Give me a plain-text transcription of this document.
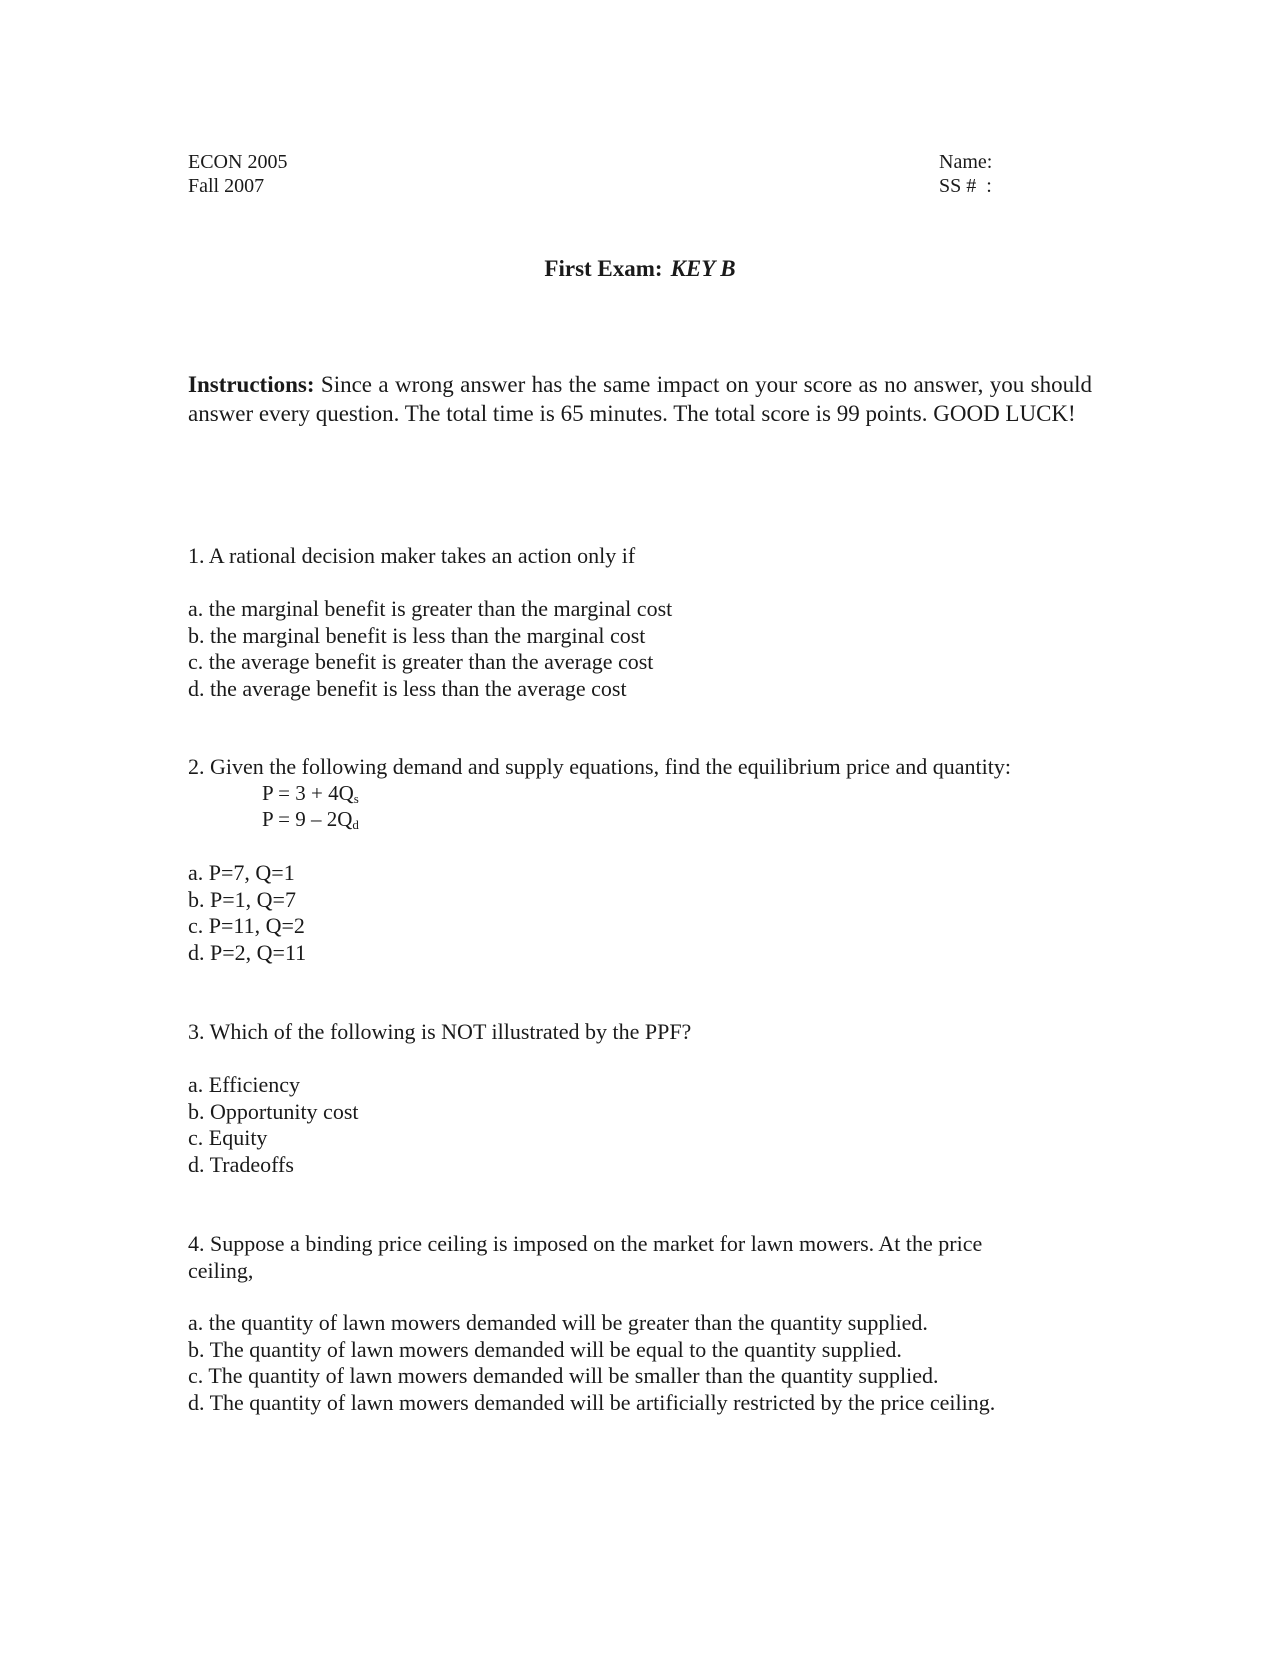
ECON 2005
Fall 2007
Name:
SS #  :
First Exam: KEY B
Instructions: Since a wrong answer has the same impact on your score as no answer, you should answer every question. The total time is 65 minutes. The total score is 99 points. GOOD LUCK!

1. A rational decision maker takes an action only if

a. the marginal benefit is greater than the marginal cost
b. the marginal benefit is less than the marginal cost
c. the average benefit is greater than the average cost
d. the average benefit is less than the average cost

2. Given the following demand and supply equations, find the equilibrium price and quantity:

$P = 3 + 4Q_s$
$P = 9 - 2Q_d$
a. P=7, Q=1
b. P=1, Q=7
c. P=11, Q=2
d. P=2, Q=11

3. Which of the following is NOT illustrated by the PPF?

a. Efficiency
b. Opportunity cost
c. Equity
d. Tradeoffs

4. Suppose a binding price ceiling is imposed on the market for lawn mowers. At the price

ceiling,

a. the quantity of lawn mowers demanded will be greater than the quantity supplied.
b. The quantity of lawn mowers demanded will be equal to the quantity supplied.
c. The quantity of lawn mowers demanded will be smaller than the quantity supplied.
d. The quantity of lawn mowers demanded will be artificially restricted by the price ceiling.
